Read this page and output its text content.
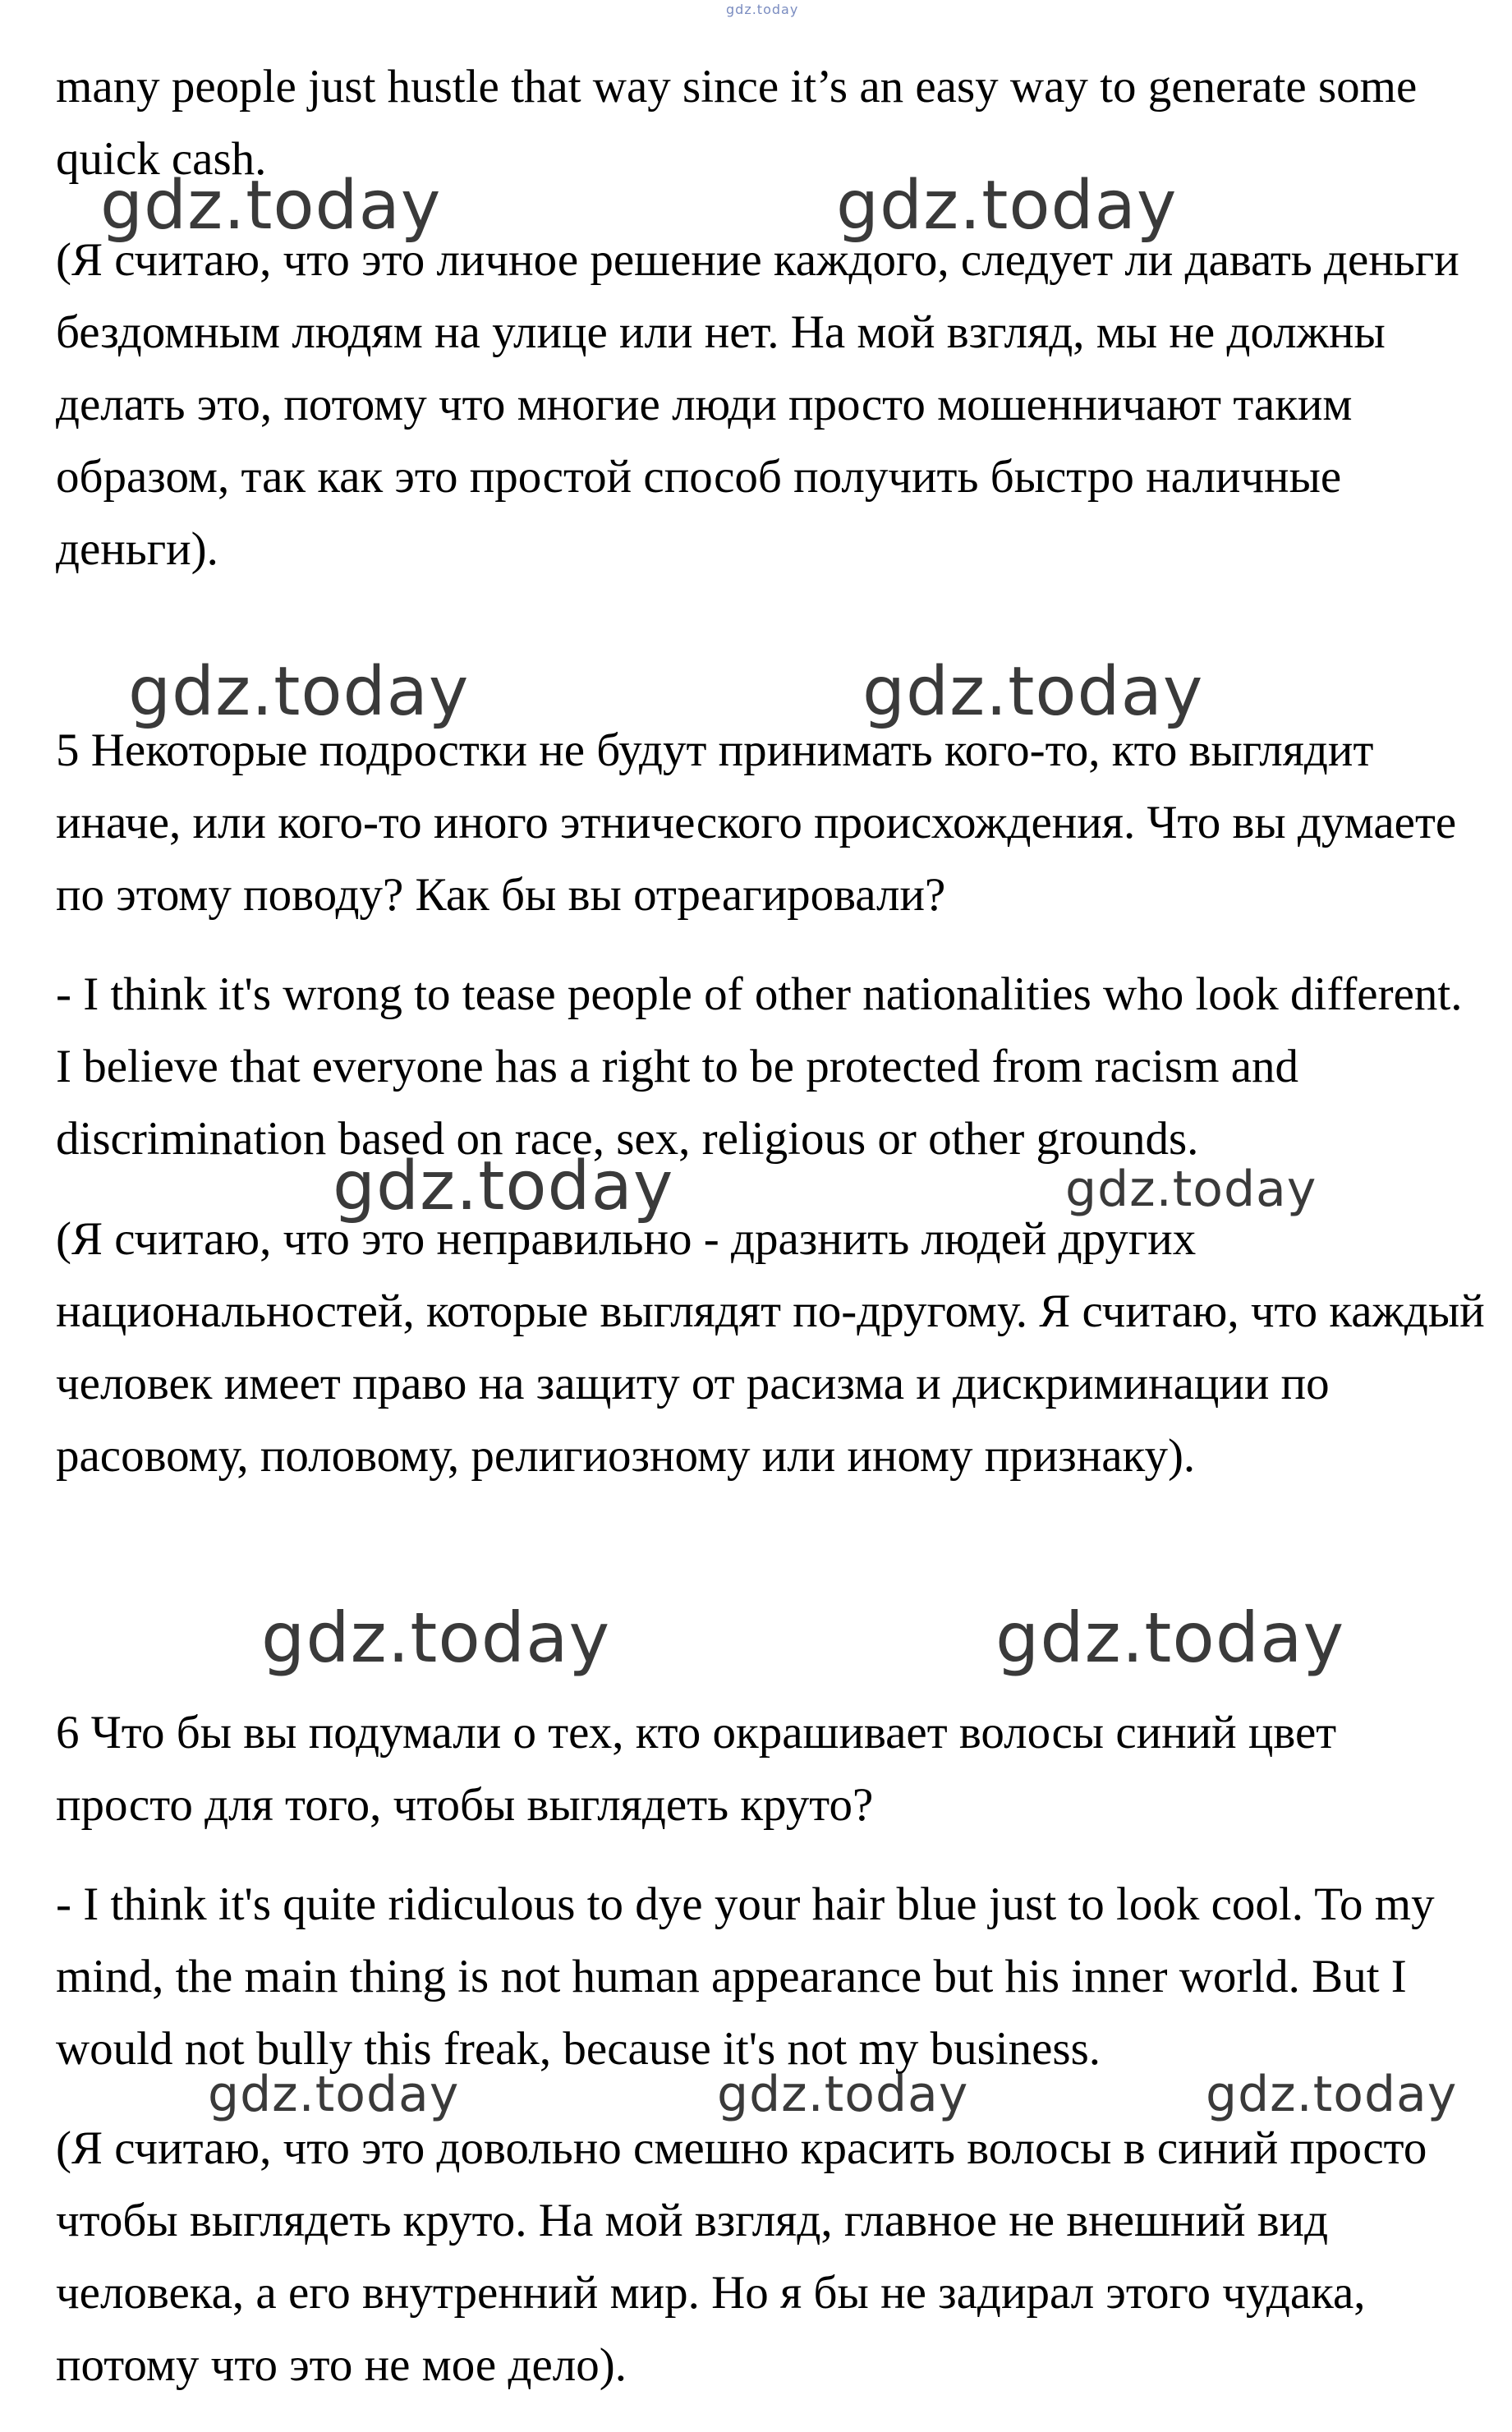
gdz.today

many people just hustle that way since it’s an easy way to generate some quick cash.

(Я считаю, что это личное решение каждого, следует ли давать деньги бездомным людям на улице или нет. На мой взгляд, мы не должны делать это, потому что многие люди просто мошенничают таким образом, так как это простой способ получить быстро наличные деньги).

5 Некоторые подростки не будут принимать кого-то, кто выглядит иначе, или кого-то иного этнического происхождения. Что вы думаете по этому поводу? Как бы вы отреагировали?

- I think it's wrong to tease people of other nationalities who look different. I believe that everyone has a right to be protected from racism and discrimination based on race, sex, religious or other grounds.

(Я считаю, что это неправильно - дразнить людей других национальностей, которые выглядят по-другому. Я считаю, что каждый человек имеет право на защиту от расизма и дискриминации по расовому, половому, религиозному или иному признаку).

6 Что бы вы подумали о тех, кто окрашивает волосы синий цвет просто для того, чтобы выглядеть круто?

- I think it's quite ridiculous to dye your hair blue just to look cool. To my mind, the main thing is not human appearance but his inner world. But I would not bully this freak, because it's not my business.

(Я считаю, что это довольно смешно красить волосы в синий просто чтобы выглядеть круто. На мой взгляд, главное не внешний вид человека, а его внутренний мир. Но я бы не задирал этого чудака, потому что это не мое дело).

gdz.today	gdz.today
gdz.today	gdz.today
gdz.today	gdz.today
gdz.today	gdz.today
gdz.today	gdz.today	gdz.today
